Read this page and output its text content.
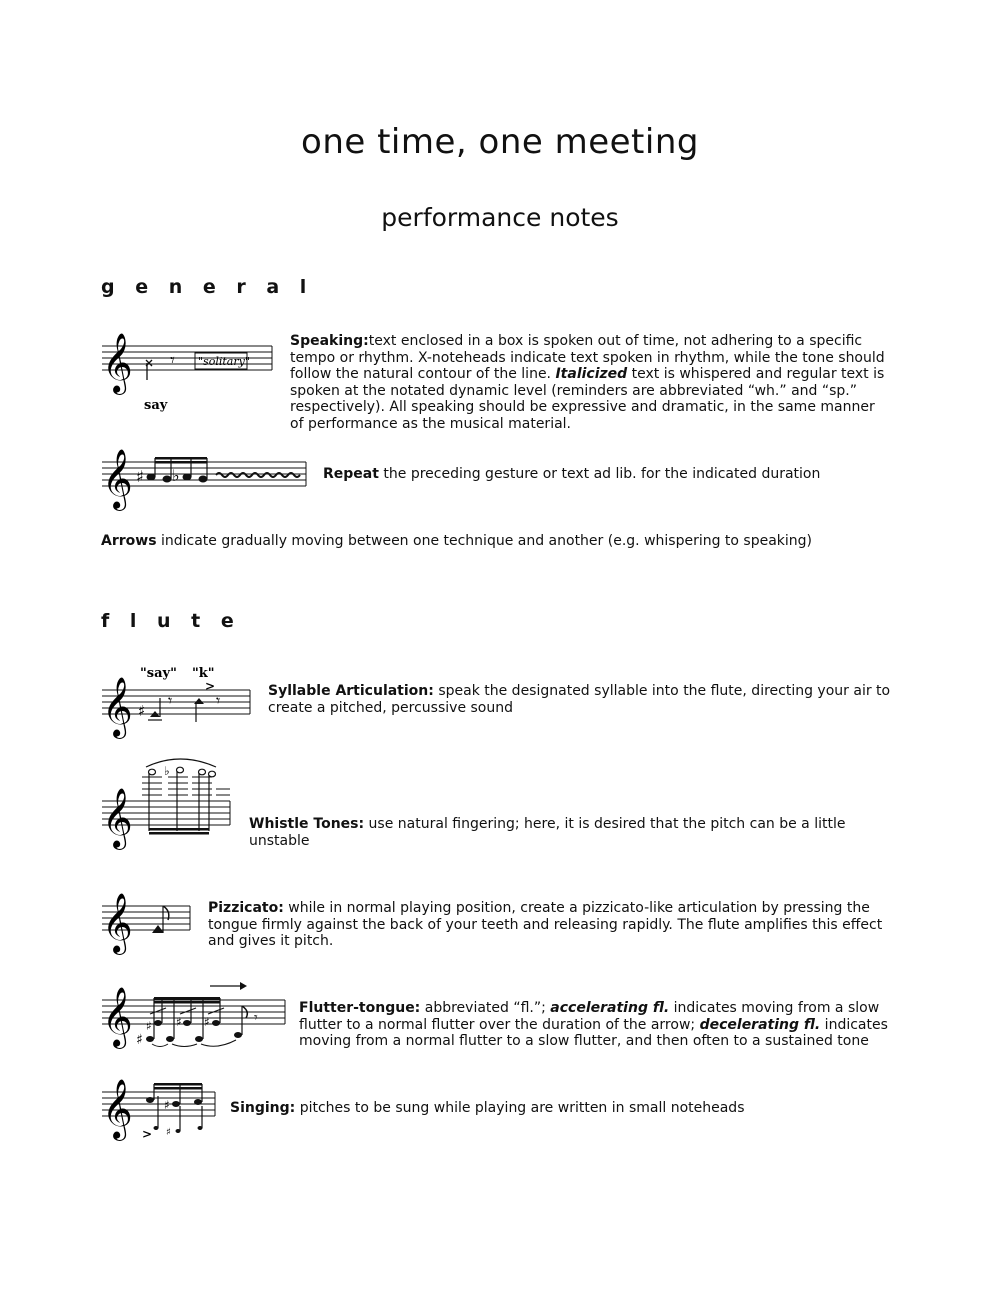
one time, one meeting
performance notes
g e n e r a l
𝄞 𝄾 "solitary"
say
Speaking:text enclosed in a box is spoken out of time, not adhering to a specific tempo or rhythm. X-noteheads indicate text spoken in rhythm, while the tone should follow the natural contour of the line. Italicized text is whispered and regular text is spoken at the notated dynamic level (reminders are abbreviated “wh.” and “sp.” respectively). All speaking should be expressive and dramatic, in the same manner of performance as the musical material.
𝄞 ♯ ♭	Repeat the preceding gesture or text ad lib. for the indicated duration
Arrows indicate gradually moving between one technique and another (e.g. whispering to speaking)
f l u t e
"say" "k"
𝄞 ♯
𝄾
>
𝄾	Syllable Articulation: speak the designated syllable into the flute, directing your air to create a pitched, percussive sound
𝄞
♭
Whistle Tones: use natural fingering; here, it is desired that the pitch can be a little unstable
𝄞	Pizzicato: while in normal playing position, create a pizzicato-like articulation by pressing the tongue firmly against the back of your teeth and releasing rapidly. The flute amplifies this effect and gives it pitch.
𝄞 ♯
♯ ♯ ♯	𝄾
Flutter-tongue: abbreviated “fl.”; accelerating fl. indicates moving from a slow flutter to a normal flutter over the duration of the arrow; decelerating fl. indicates moving from a normal flutter to a slow flutter, and then often to a sustained tone
𝄞	♯
♯
>
Singing: pitches to be sung while playing are written in small noteheads
